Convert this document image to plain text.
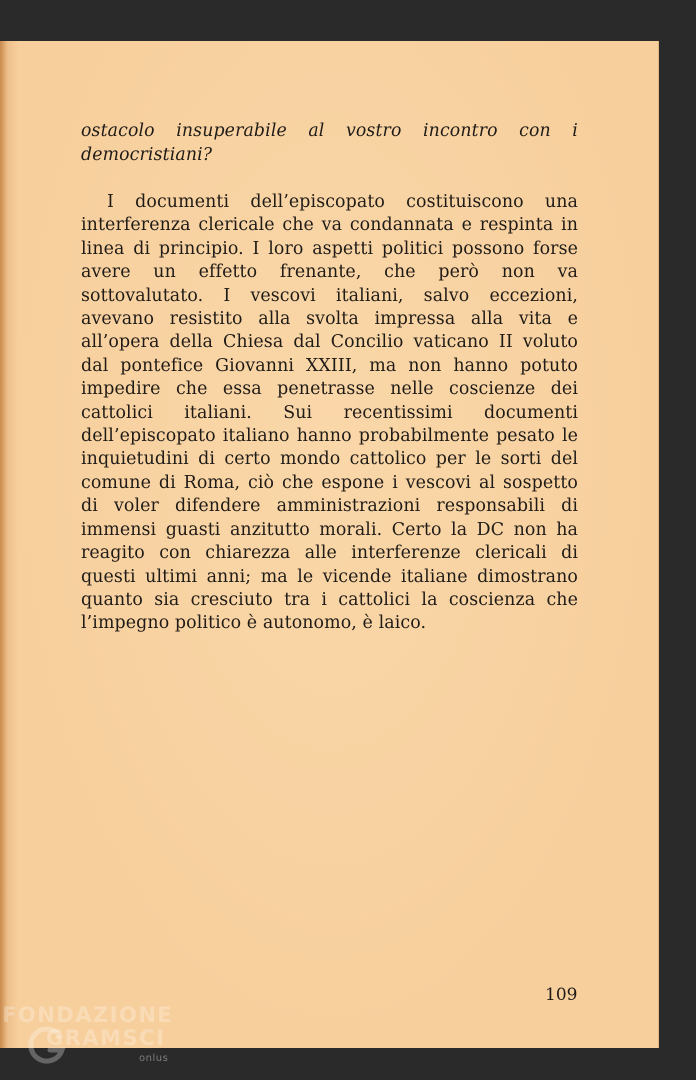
ostacolo insuperabile al vostro incontro con i democristiani?

I documenti dell’episcopato costituiscono una interferenza clericale che va condannata e respinta in linea di principio. I loro aspetti politici possono forse avere un effetto frenante, che però non va sottovalutato. I vescovi italiani, salvo eccezioni, avevano resistito alla svolta impressa alla vita e all’opera della Chiesa dal Concilio vaticano II voluto dal pontefice Giovanni XXIII, ma non hanno potuto impedire che essa penetrasse nelle coscienze dei cattolici italiani. Sui recentissimi documenti dell’episcopato italiano hanno probabilmente pesato le inquietudini di certo mondo cattolico per le sorti del comune di Roma, ciò che espone i vescovi al sospetto di voler difendere amministrazioni responsabili di immensi guasti anzitutto morali. Certo la DC non ha reagito con chiarezza alle interferenze clericali di questi ultimi anni; ma le vicende italiane dimostrano quanto sia cresciuto tra i cattolici la coscienza che l’impegno politico è autonomo, è laico.

109
FONDAZIONE
GRAMSCI
onlus
